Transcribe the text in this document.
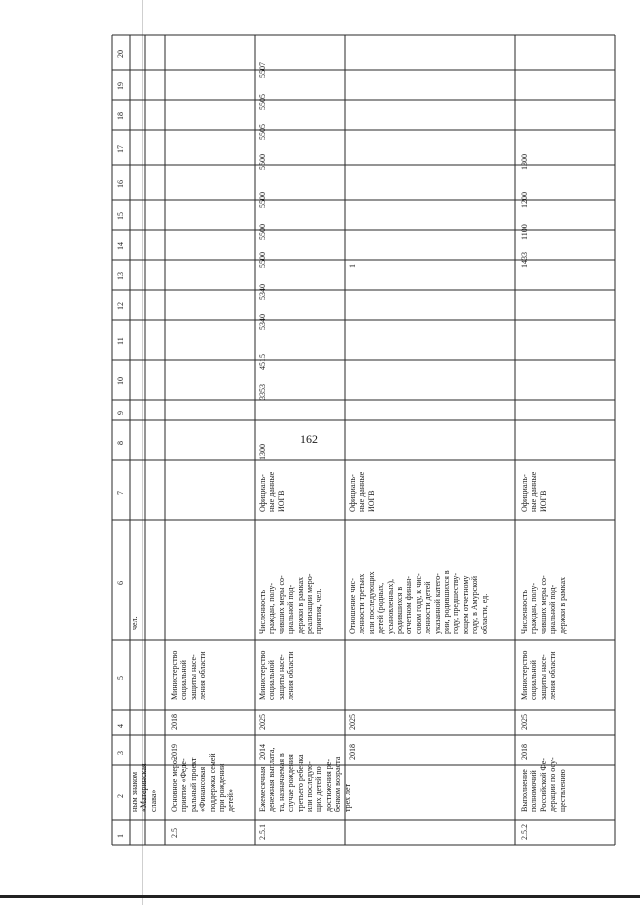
162
1
2
3
4
5
6
7
8
9
10
11
12
13
14
15
16
17
18
19
20
ным знаком «Материнская слава»
чел.
2.5
Основное меро- приятие «Феде- ральный проект «Финансовая поддержка семей при рождении детей»
2019
2018
Министерство социальной защиты насе- ления области
2.5.1
Ежемесячная денежная выплата, та, назначаемая в случае рождения третьего ребенка или последую- щих детей по достижения ре- бенком возраста трех лет
2014
2025
Министерство социальной защиты насе- ления области
Численность граждан, полу- чивших меры со- циальной под- держки в рамках реализации меро- приятия, чел.
Официаль- ные данные ИОГВ
1300
3353
4515
5340
5340
5500
5500
5500
5500
5505
5505
5507
2018
2025
Отношение чис- ленности третьих или последующих детей (родных, усыновленных), родившихся в отчетном финан- совом году, к чис- ленности детей указанной катего- рии, родившихся в году, предшеству- ющем отчетному году, в Амурской области, ед.
Официаль- ные данные ИОГВ
1
2.5.2
Выполнение полномочий Российской Фе- дерации по осу- ществлению
2018
2025
Министерство социальной защиты насе- ления области
Численность граждан, полу- чивших меры со- циальной под- держки в рамках
Официаль- ные данные ИОГВ
1433
1100
1200
1300
